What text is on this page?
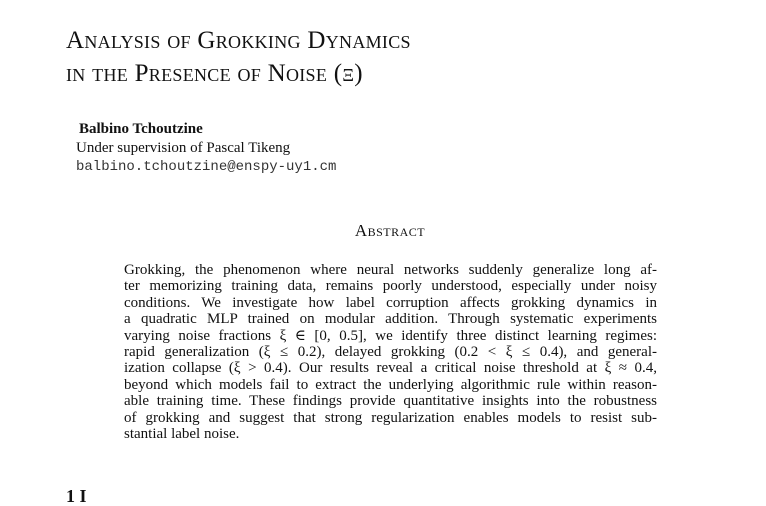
Analysis of Grokking Dynamics
in the Presence of Noise (ξ)
Balbino Tchoutzine
Under supervision of Pascal Tikeng
balbino.tchoutzine@enspy-uy1.cm
Abstract
Grokking, the phenomenon where neural networks suddenly generalize long af-
ter memorizing training data, remains poorly understood, especially under noisy
conditions. We investigate how label corruption affects grokking dynamics in
a quadratic MLP trained on modular addition. Through systematic experiments
varying noise fractions ξ ∈ [0, 0.5], we identify three distinct learning regimes:
rapid generalization (ξ ≤ 0.2), delayed grokking (0.2 < ξ ≤ 0.4), and general-
ization collapse (ξ > 0.4). Our results reveal a critical noise threshold at ξ ≈ 0.4,
beyond which models fail to extract the underlying algorithmic rule within reason-
able training time. These findings provide quantitative insights into the robustness
of grokking and suggest that strong regularization enables models to resist sub-
stantial label noise.
1 I
